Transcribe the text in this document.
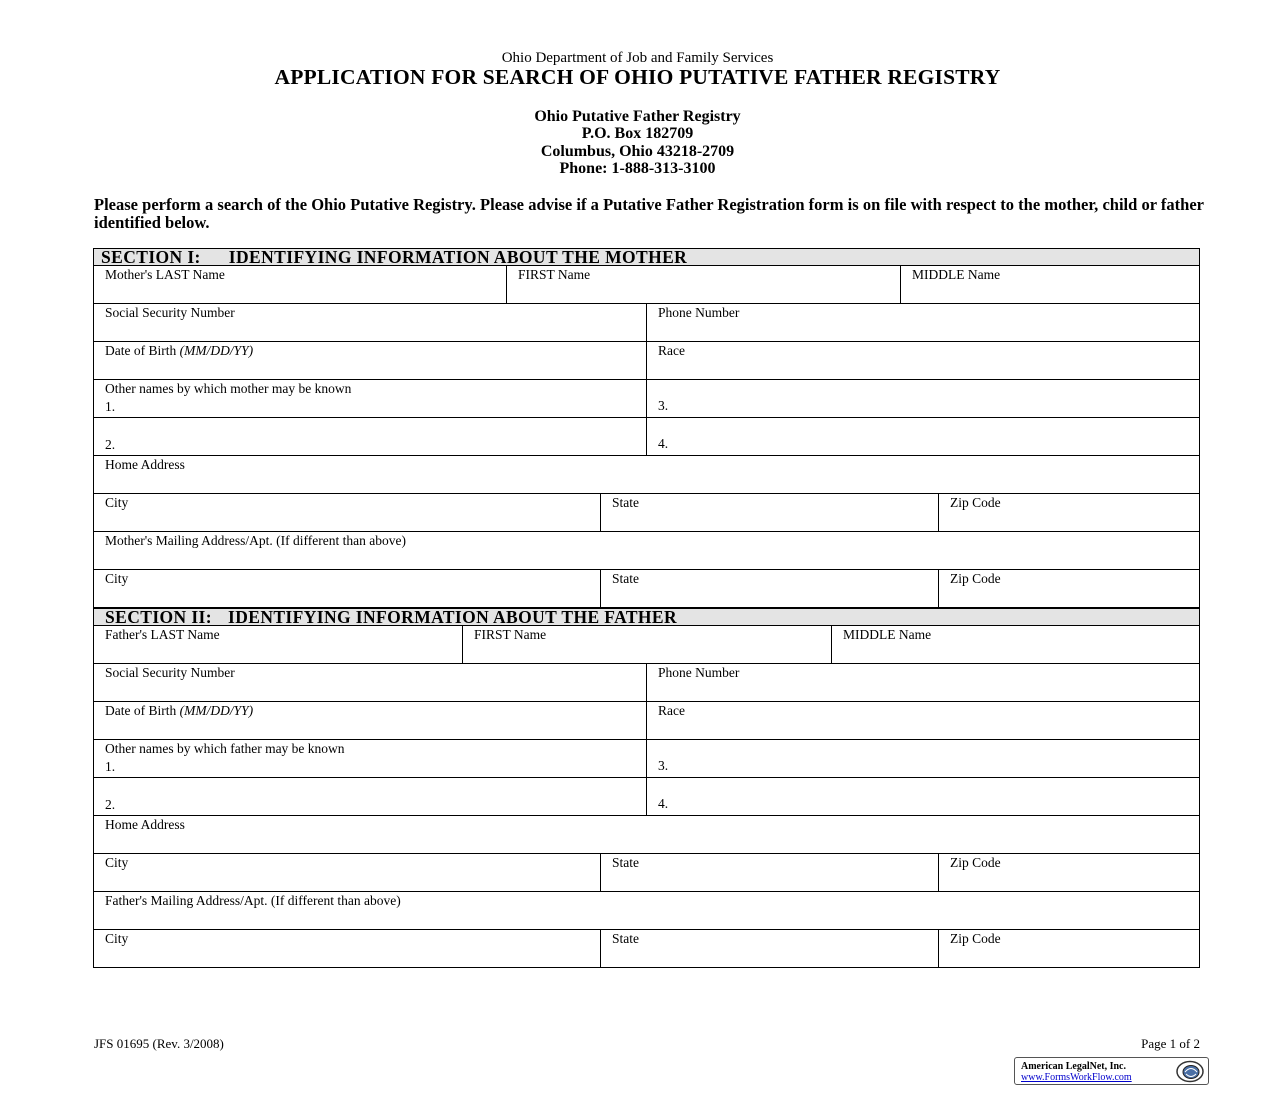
Ohio Department of Job and Family Services
APPLICATION FOR SEARCH OF OHIO PUTATIVE FATHER REGISTRY
Ohio Putative Father Registry
P.O. Box 182709
Columbus, Ohio 43218-2709
Phone: 1-888-313-3100
Please perform a search of the Ohio Putative Registry. Please advise if a Putative Father Registration form is on file with respect to the mother, child or father identified below.
SECTION I: IDENTIFYING INFORMATION ABOUT THE MOTHER
Mother's LAST Name	FIRST Name	MIDDLE Name
Social Security Number	Phone Number
Date of Birth (MM/DD/YY)	Race
Other names by which mother may be known
1.	3.
2.	4.
Home Address
City	State	Zip Code
Mother's Mailing Address/Apt. (If different than above)
City	State	Zip Code
SECTION II: IDENTIFYING INFORMATION ABOUT THE FATHER
Father's LAST Name	FIRST Name	MIDDLE Name
Social Security Number	Phone Number
Date of Birth (MM/DD/YY)	Race
Other names by which father may be known
1.	3.
2.	4.
Home Address
City	State	Zip Code
Father's Mailing Address/Apt. (If different than above)
City	State	Zip Code
JFS 01695 (Rev. 3/2008)	Page 1 of 2
American LegalNet, Inc.
www.FormsWorkFlow.com
